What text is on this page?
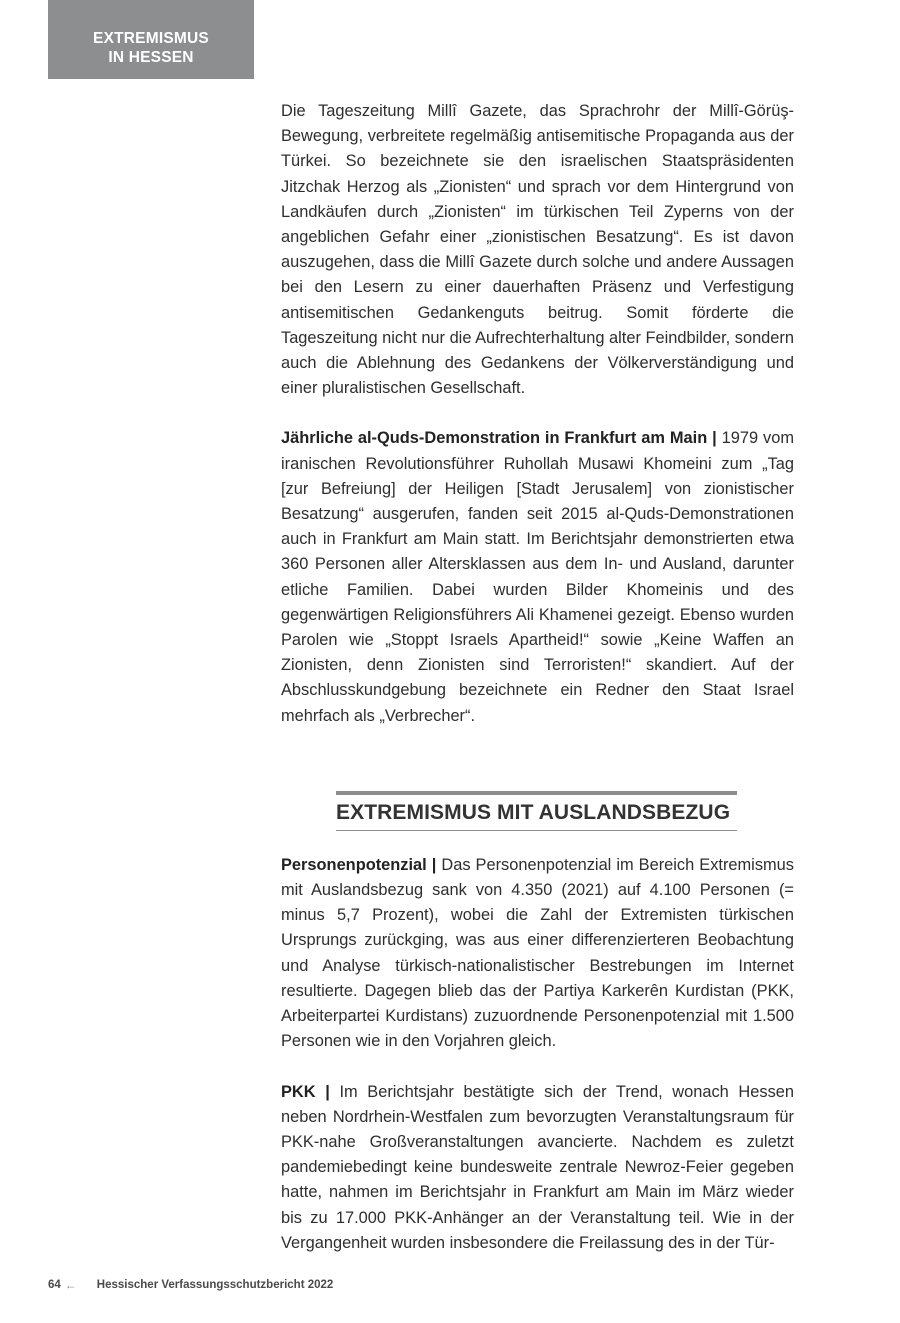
EXTREMISMUS
IN HESSEN

Die Tageszeitung Millî Gazete, das Sprachrohr der Millî-Görüş-Bewegung, verbreitete regelmäßig antisemitische Propaganda aus der Türkei. So bezeichnete sie den israelischen Staatspräsidenten Jitzchak Herzog als „Zionisten“ und sprach vor dem Hintergrund von Landkäufen durch „Zionisten“ im türkischen Teil Zyperns von der angeblichen Gefahr einer „zionistischen Besatzung“. Es ist davon auszugehen, dass die Millî Gazete durch solche und andere Aussagen bei den Lesern zu einer dauerhaften Präsenz und Verfestigung antisemitischen Gedankenguts beitrug. Somit förderte die Tageszeitung nicht nur die Aufrechterhaltung alter Feindbilder, sondern auch die Ablehnung des Gedankens der Völkerverständigung und einer pluralistischen Gesellschaft.

Jährliche al-Quds-Demonstration in Frankfurt am Main | 1979 vom iranischen Revolutionsführer Ruhollah Musawi Khomeini zum „Tag [zur Befreiung] der Heiligen [Stadt Jerusalem] von zionistischer Besatzung“ ausgerufen, fanden seit 2015 al-Quds-Demonstrationen auch in Frankfurt am Main statt. Im Berichtsjahr demonstrierten etwa 360 Personen aller Altersklassen aus dem In- und Ausland, darunter etliche Familien. Dabei wurden Bilder Khomeinis und des gegenwärtigen Religionsführers Ali Khamenei gezeigt. Ebenso wurden Parolen wie „Stoppt Israels Apartheid!“ sowie „Keine Waffen an Zionisten, denn Zionisten sind Terroristen!“ skandiert. Auf der Abschlusskundgebung bezeichnete ein Redner den Staat Israel mehrfach als „Verbrecher“.

EXTREMISMUS MIT AUSLANDSBEZUG

Personenpotenzial | Das Personenpotenzial im Bereich Extremismus mit Auslandsbezug sank von 4.350 (2021) auf 4.100 Personen (= minus 5,7 Prozent), wobei die Zahl der Extremisten türkischen Ursprungs zurückging, was aus einer differenzierteren Beobachtung und Analyse türkisch-nationalistischer Bestrebungen im Internet resultierte. Dagegen blieb das der Partiya Karkerên Kurdistan (PKK, Arbeiterpartei Kurdistans) zuzuordnende Personenpotenzial mit 1.500 Personen wie in den Vorjahren gleich.

PKK | Im Berichtsjahr bestätigte sich der Trend, wonach Hessen neben Nordrhein-Westfalen zum bevorzugten Veranstaltungsraum für PKK-nahe Großveranstaltungen avancierte. Nachdem es zuletzt pandemiebedingt keine bundesweite zentrale Newroz-Feier gegeben hatte, nahmen im Berichtsjahr in Frankfurt am Main im März wieder bis zu 17.000 PKK-Anhänger an der Veranstaltung teil. Wie in der Vergangenheit wurden insbesondere die Freilassung des in der Tür-

64 ← Hessischer Verfassungsschutzbericht 2022
